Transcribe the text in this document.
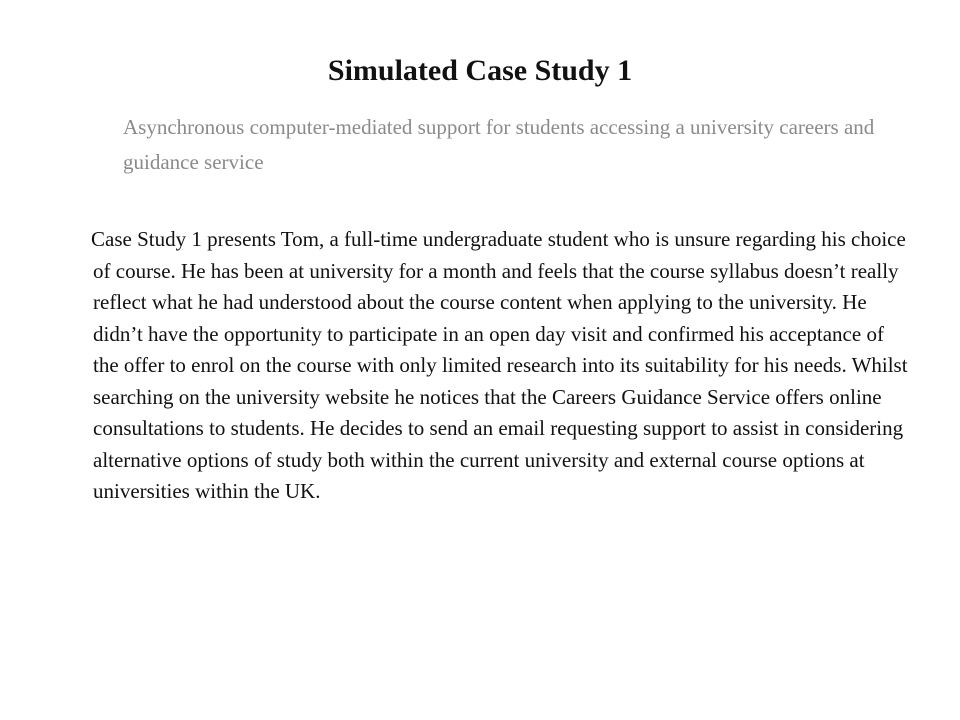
Simulated Case Study 1

Asynchronous computer-mediated support for students accessing a university careers and guidance service

Case Study 1 presents Tom, a full-time undergraduate student who is unsure regarding his choice of course. He has been at university for a month and feels that the course syllabus doesn’t really reflect what he had understood about the course content when applying to the university. He didn’t have the opportunity to participate in an open day visit and confirmed his acceptance of the offer to enrol on the course with only limited research into its suitability for his needs. Whilst searching on the university website he notices that the Careers Guidance Service offers online consultations to students. He decides to send an email requesting support to assist in considering alternative options of study both within the current university and external course options at universities within the UK.
